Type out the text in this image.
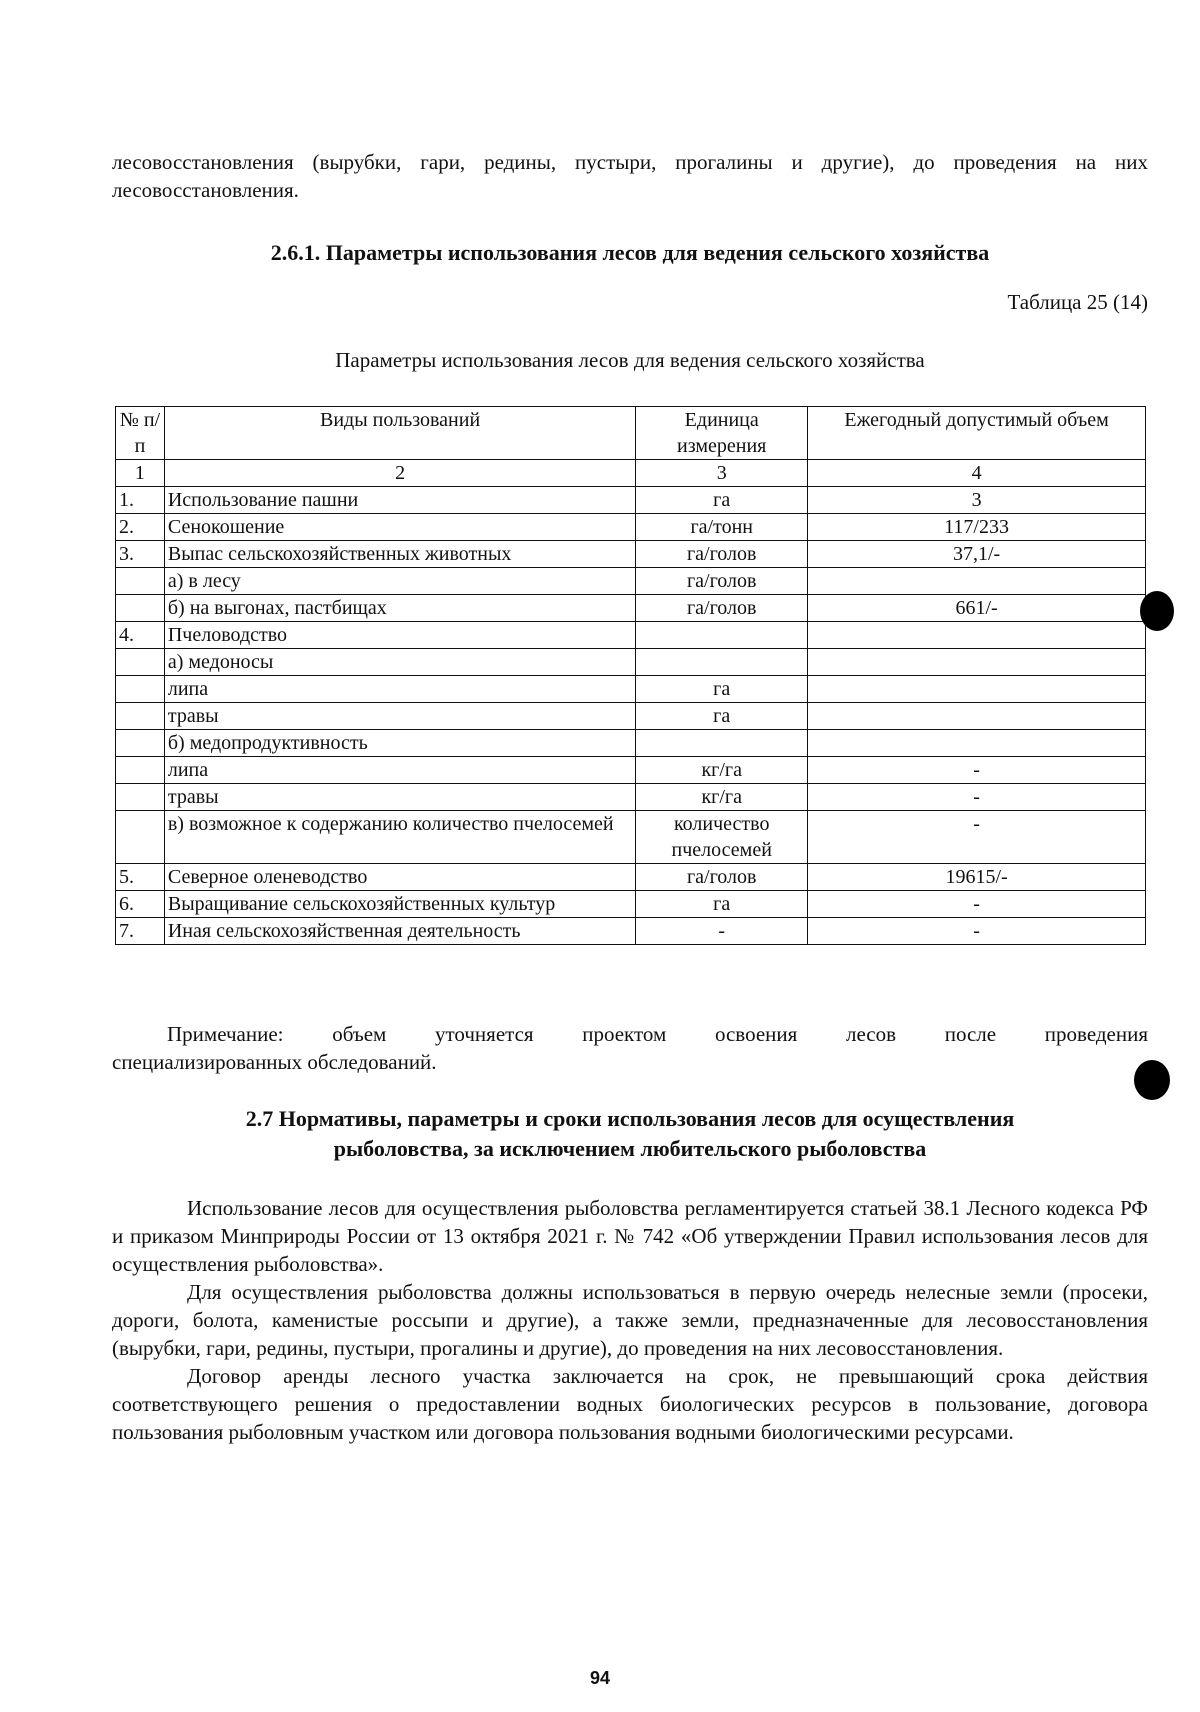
лесовосстановления (вырубки, гари, редины, пустыри, прогалины и другие), до проведения на них
лесовосстановления.

2.6.1. Параметры использования лесов для ведения сельского хозяйства

Таблица 25 (14)
Параметры использования лесов для ведения сельского хозяйства
№ п/п	Виды пользований	Единица измерения	Ежегодный допустимый объем
1	2	3	4
1.	Использование пашни	га	3
2.	Сенокошение	га/тонн	117/233
3.	Выпас сельскохозяйственных животных	га/голов	37,1/-
	а) в лесу	га/голов	
	б) на выгонах, пастбищах	га/голов	661/-
4.	Пчеловодство		
	а) медоносы		
	липа	га	
	травы	га	
	б) медопродуктивность		
	липа	кг/га	-
	травы	кг/га	-
	в) возможное к содержанию количество пчелосемей	количество пчелосемей	-
5.	Северное оленеводство	га/голов	19615/-
6.	Выращивание сельскохозяйственных культур	га	-
7.	Иная сельскохозяйственная деятельность	-	-
Примечание: объем уточняется проектом освоения лесов после проведения
специализированных обследований.
2.7 Нормативы, параметры и сроки использования лесов для осуществления
рыболовства, за исключением любительского рыболовства

Использование лесов для осуществления рыболовства регламентируется статьей 38.1 Лесного кодекса РФ и приказом Минприроды России от 13 октября 2021 г. № 742 «Об утверждении Правил использования лесов для осуществления рыболовства».

Для осуществления рыболовства должны использоваться в первую очередь нелесные земли (просеки, дороги, болота, каменистые россыпи и другие), а также земли, предназначенные для лесовосстановления (вырубки, гари, редины, пустыри, прогалины и другие), до проведения на них лесовосстановления.

Договор аренды лесного участка заключается на срок, не превышающий срока действия соответствующего решения о предоставлении водных биологических ресурсов в пользование, договора пользования рыболовным участком или договора пользования водными биологическими ресурсами.

94
